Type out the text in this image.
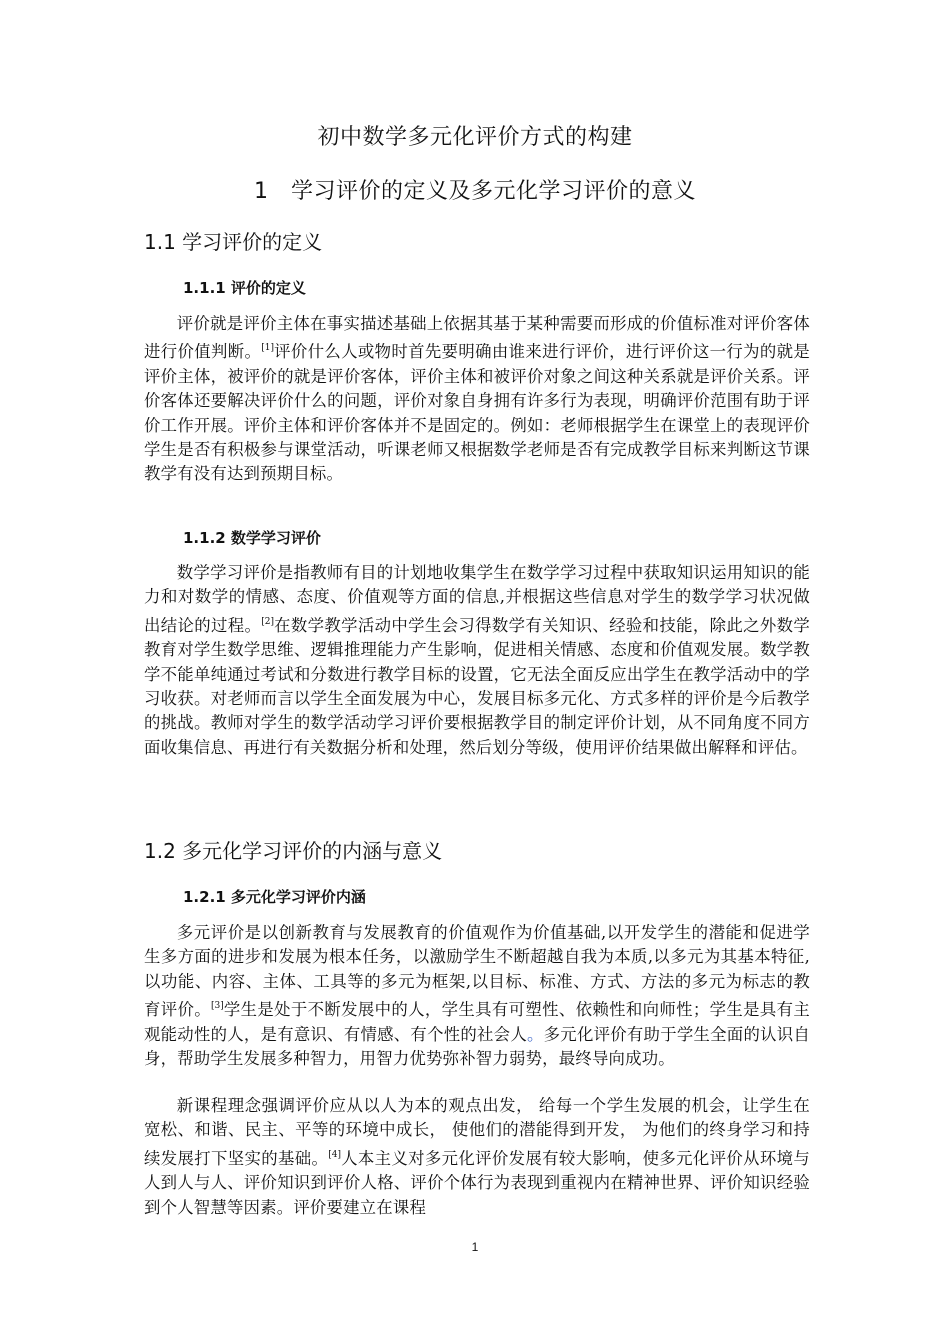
初中数学多元化评价方式的构建
1　学习评价的定义及多元化学习评价的意义
1.1 学习评价的定义
1.1.1 评价的定义
评价就是评价主体在事实描述基础上依据其基于某种需要而形成的价值标准对评价客体进行价值判断。[1]评价什么人或物时首先要明确由谁来进行评价，进行评价这一行为的就是评价主体，被评价的就是评价客体，评价主体和被评价对象之间这种关系就是评价关系。评价客体还要解决评价什么的问题，评价对象自身拥有许多行为表现，明确评价范围有助于评价工作开展。评价主体和评价客体并不是固定的。例如：老师根据学生在课堂上的表现评价学生是否有积极参与课堂活动，听课老师又根据数学老师是否有完成教学目标来判断这节课教学有没有达到预期目标。
1.1.2 数学学习评价
数学学习评价是指教师有目的计划地收集学生在数学学习过程中获取知识运用知识的能力和对数学的情感、态度、价值观等方面的信息,并根据这些信息对学生的数学学习状况做出结论的过程。[2]在数学教学活动中学生会习得数学有关知识、经验和技能，除此之外数学教育对学生数学思维、逻辑推理能力产生影响，促进相关情感、态度和价值观发展。数学教学不能单纯通过考试和分数进行教学目标的设置，它无法全面反应出学生在教学活动中的学习收获。对老师而言以学生全面发展为中心，发展目标多元化、方式多样的评价是今后教学的挑战。教师对学生的数学活动学习评价要根据教学目的制定评价计划，从不同角度不同方面收集信息、再进行有关数据分析和处理，然后划分等级，使用评价结果做出解释和评估。
1.2 多元化学习评价的内涵与意义
1.2.1 多元化学习评价内涵
多元评价是以创新教育与发展教育的价值观作为价值基础,以开发学生的潜能和促进学生多方面的进步和发展为根本任务，以激励学生不断超越自我为本质,以多元为其基本特征,以功能、内容、主体、工具等的多元为框架,以目标、标准、方式、方法的多元为标志的教育评价。[3]学生是处于不断发展中的人，学生具有可塑性、依赖性和向师性；学生是具有主观能动性的人，是有意识、有情感、有个性的社会人。多元化评价有助于学生全面的认识自身，帮助学生发展多种智力，用智力优势弥补智力弱势，最终导向成功。
新课程理念强调评价应从以人为本的观点出发， 给每一个学生发展的机会，让学生在宽松、和谐、民主、平等的环境中成长， 使他们的潜能得到开发， 为他们的终身学习和持续发展打下坚实的基础。[4]人本主义对多元化评价发展有较大影响，使多元化评价从环境与人到人与人、评价知识到评价人格、评价个体行为表现到重视内在精神世界、评价知识经验到个人智慧等因素。评价要建立在课程
1
